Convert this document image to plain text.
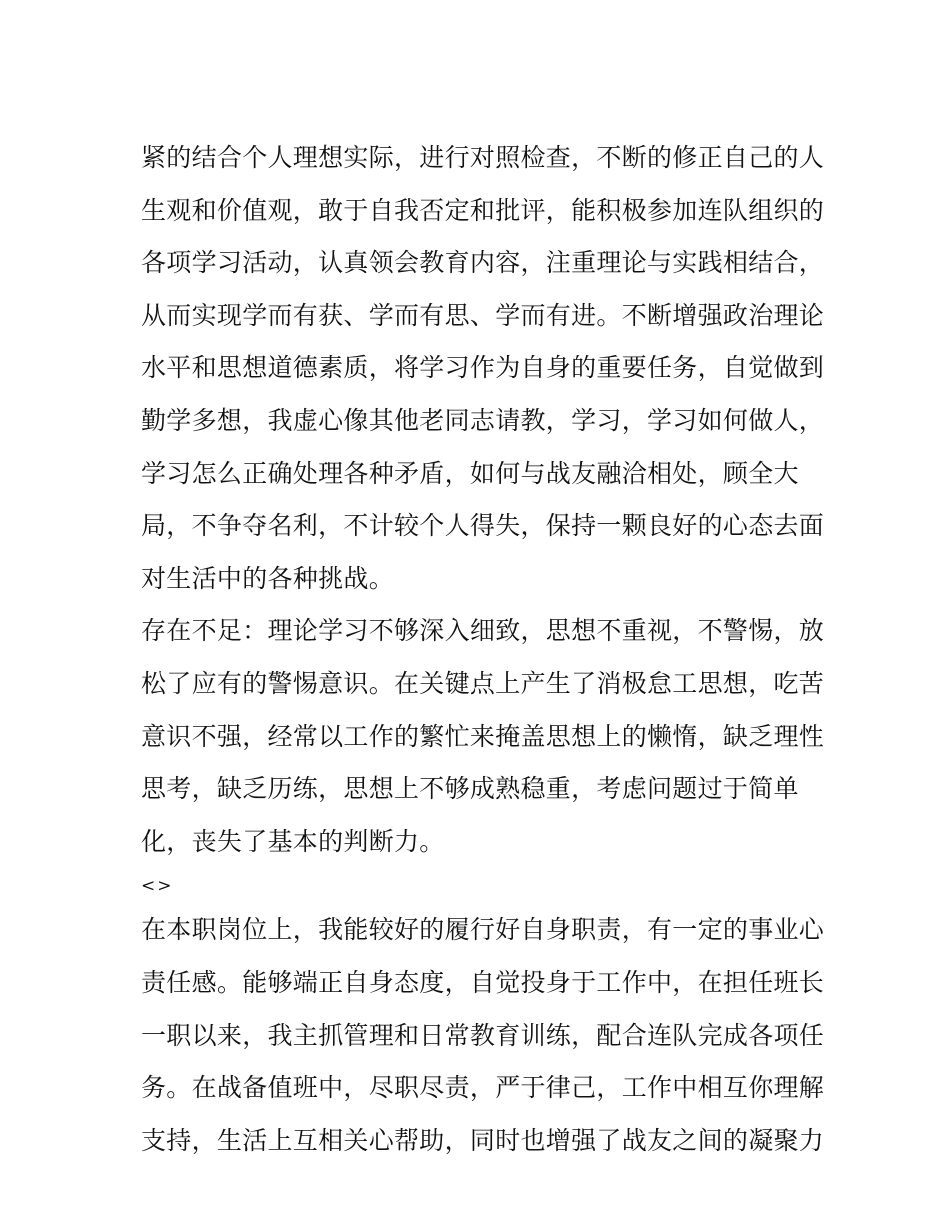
紧的结合个人理想实际，进行对照检查，不断的修正自己的人
生观和价值观，敢于自我否定和批评，能积极参加连队组织的
各项学习活动，认真领会教育内容，注重理论与实践相结合，
从而实现学而有获、学而有思、学而有进。不断增强政治理论
水平和思想道德素质，将学习作为自身的重要任务，自觉做到
勤学多想，我虚心像其他老同志请教，学习，学习如何做人，
学习怎么正确处理各种矛盾，如何与战友融洽相处，顾全大
局，不争夺名利，不计较个人得失，保持一颗良好的心态去面
对生活中的各种挑战。
存在不足：理论学习不够深入细致，思想不重视，不警惕，放
松了应有的警惕意识。在关键点上产生了消极怠工思想，吃苦
意识不强，经常以工作的繁忙来掩盖思想上的懒惰，缺乏理性
思考，缺乏历练，思想上不够成熟稳重，考虑问题过于简单
化，丧失了基本的判断力。
<>
在本职岗位上，我能较好的履行好自身职责，有一定的事业心
责任感。能够端正自身态度，自觉投身于工作中，在担任班长
一职以来，我主抓管理和日常教育训练，配合连队完成各项任
务。在战备值班中，尽职尽责，严于律己，工作中相互你理解
支持，生活上互相关心帮助，同时也增强了战友之间的凝聚力
